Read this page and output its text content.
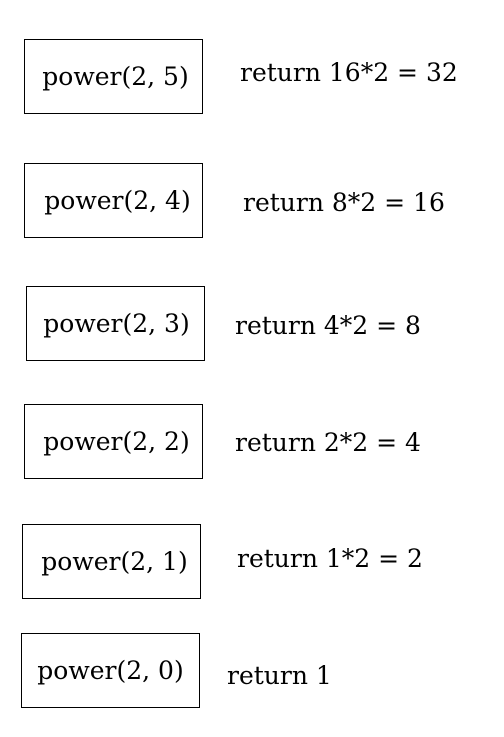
power(2, 5) return 16*2 = 32
power(2, 4) return 8*2 = 16
power(2, 3) return 4*2 = 8
power(2, 2) return 2*2 = 4
power(2, 1) return 1*2 = 2
power(2, 0) return 1
